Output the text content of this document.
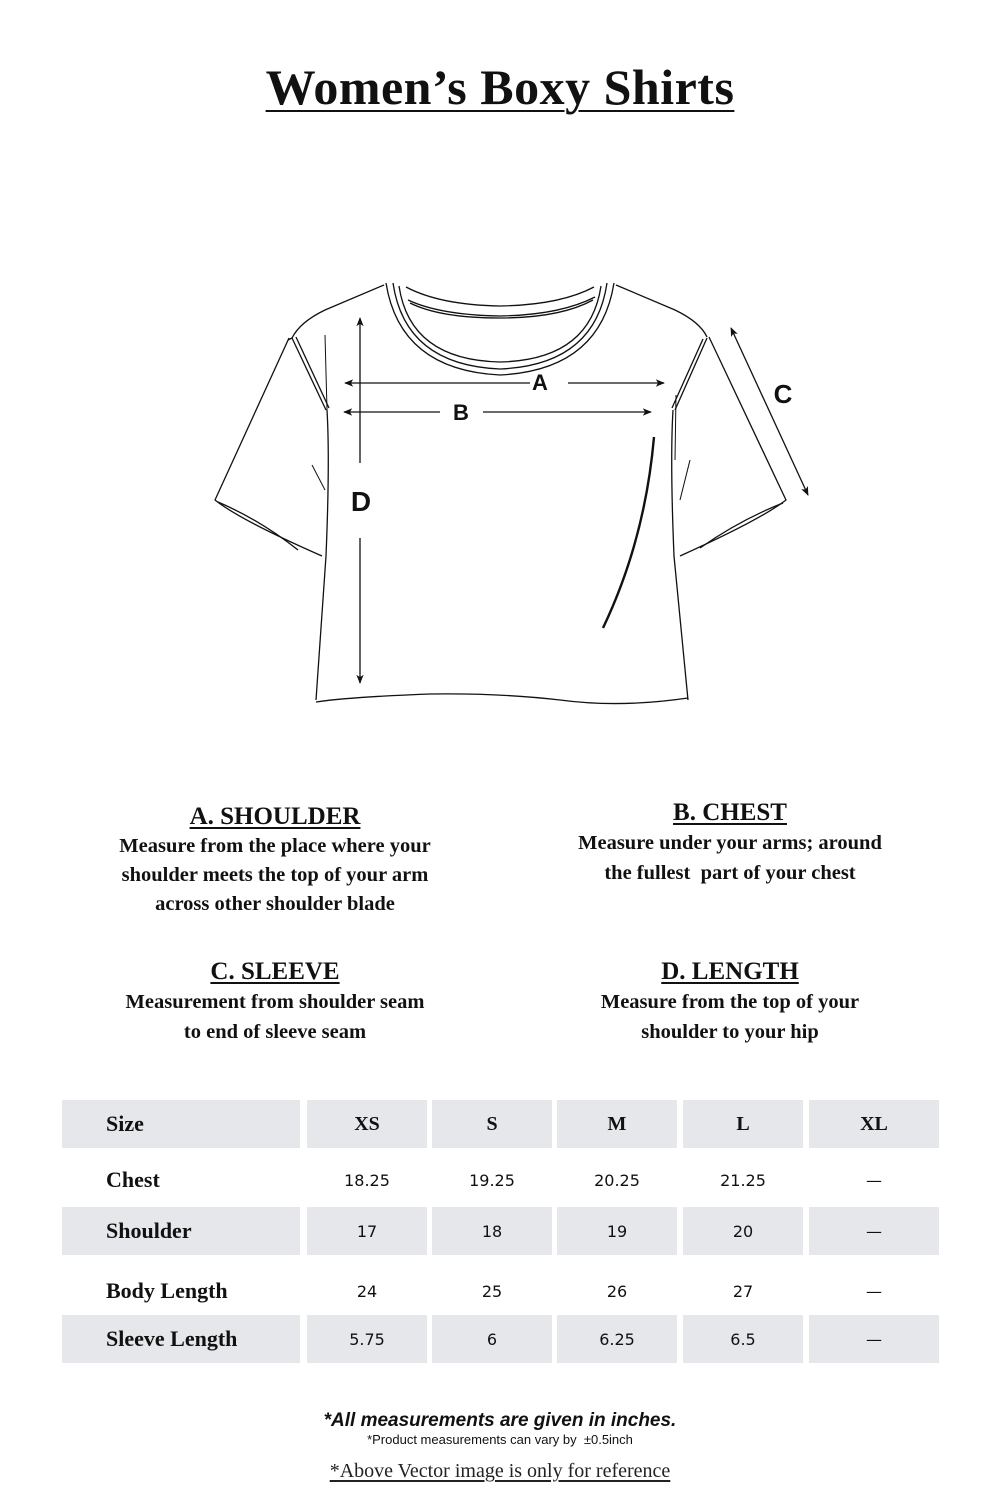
Women’s Boxy Shirts
A
B
C
D
A. SHOULDER
Measure from the place where your
shoulder meets the top of your arm
across other shoulder blade
B. CHEST
Measure under your arms; around
the fullest  part of your chest
C. SLEEVE
Measurement from shoulder seam
to end of sleeve seam
D. LENGTH
Measure from the top of your
shoulder to your hip
Size	XS	S	M	L	XL
Chest	18.25	19.25	20.25	21.25	—
Shoulder	17	18	19	20	—
Body Length	24	25	26	27	—
Sleeve Length	5.75	6	6.25	6.5	—
*All measurements are given in inches.
*Product measurements can vary by  ±0.5inch
*Above Vector image is only for reference
